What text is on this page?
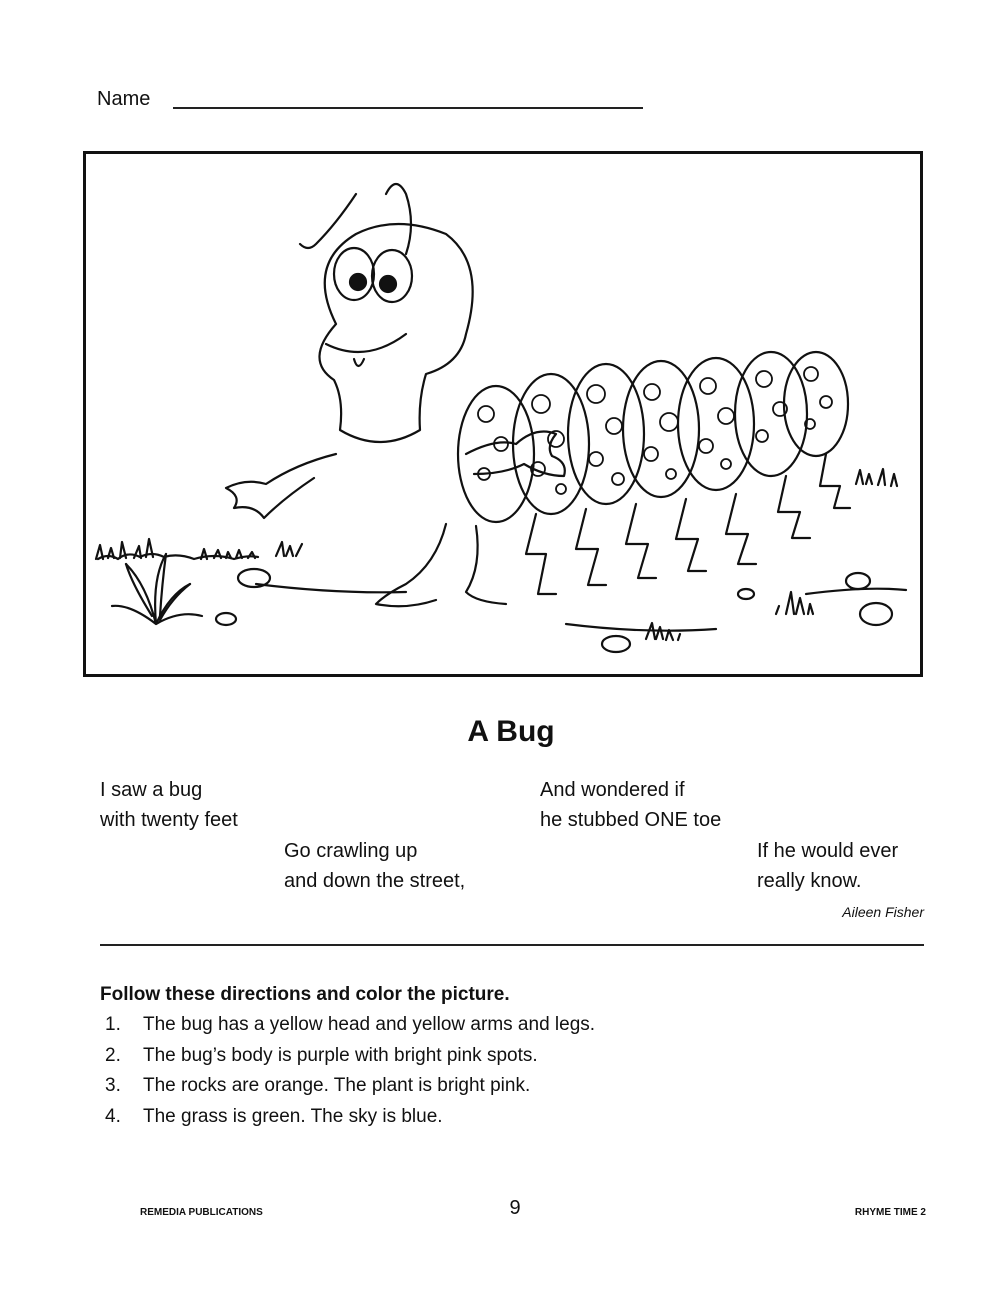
Name
A Bug
I saw a bug
with twenty feet
Go crawling up
and down the street,
And wondered if
he stubbed ONE toe
If he would ever
really know.
Aileen Fisher
Follow these directions and color the picture.
1. The bug has a yellow head and yellow arms and legs.
2. The bug’s body is purple with bright pink spots.
3. The rocks are orange. The plant is bright pink.
4. The grass is green. The sky is blue.
REMEDIA PUBLICATIONS	9	RHYME TIME 2
